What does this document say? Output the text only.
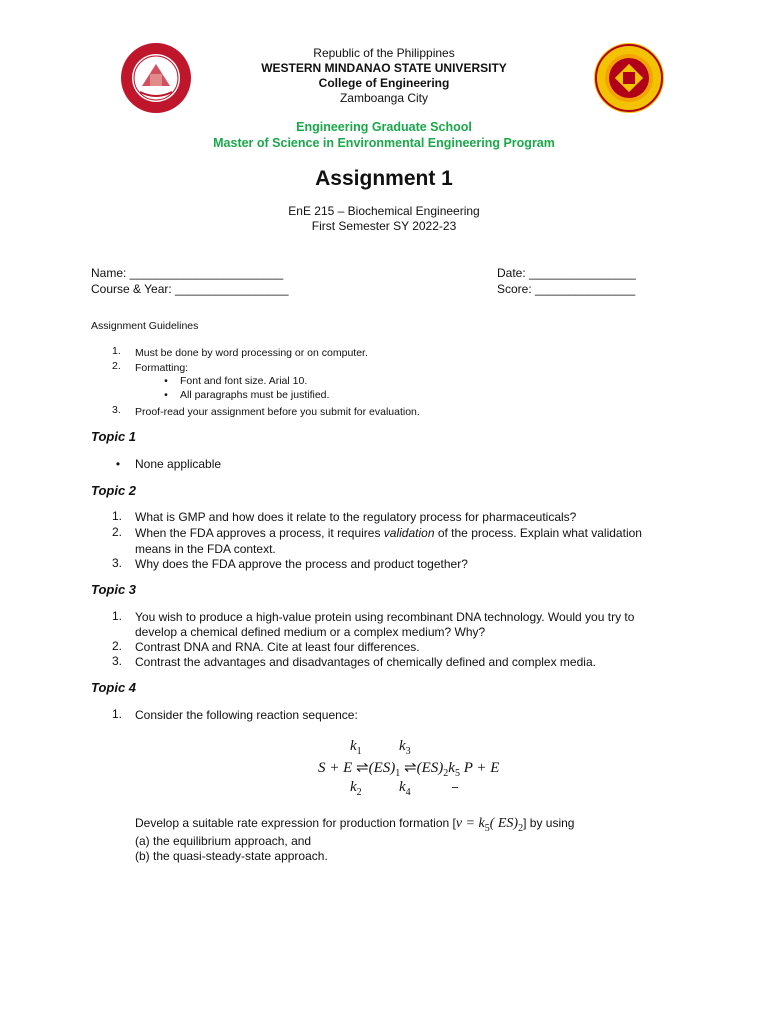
Republic of the Philippines
WESTERN MINDANAO STATE UNIVERSITY
College of Engineering
Zamboanga City
Engineering Graduate School
Master of Science in Environmental Engineering Program
Assignment 1
EnE 215 – Biochemical Engineering
First Semester SY 2022-23
Name: _______________________
Course & Year: _________________
Date: ________________
Score: _______________
Assignment Guidelines
1.	Must be done by word processing or on computer.
2.	Formatting:
•	Font and font size. Arial 10.
•	All paragraphs must be justified.
3.	Proof-read your assignment before you submit for evaluation.
Topic 1
•	None applicable
Topic 2
1.	What is GMP and how does it relate to the regulatory process for pharmaceuticals?
2.	When the FDA approves a process, it requires validation of the process. Explain what validation
means in the FDA context.
3.	Why does the FDA approve the process and product together?
Topic 3
1.	You wish to produce a high-value protein using recombinant DNA technology. Would you try to
develop a chemical defined medium or a complex medium? Why?
2.	Contrast DNA and RNA. Cite at least four differences.
3.	Contrast the advantages and disadvantages of chemically defined and complex media.
Topic 4
1.	Consider the following reaction sequence:
$k_1$ $k_3$
S + E $\rightleftharpoons(ES)_1$ $\rightleftharpoons(ES)_2k_5$ P + E
$k_2$ $k_4$
Develop a suitable rate expression for production formation [$v = k_5$( $ES)_2$] by using
(a) the equilibrium approach, and
(b) the quasi-steady-state approach.
